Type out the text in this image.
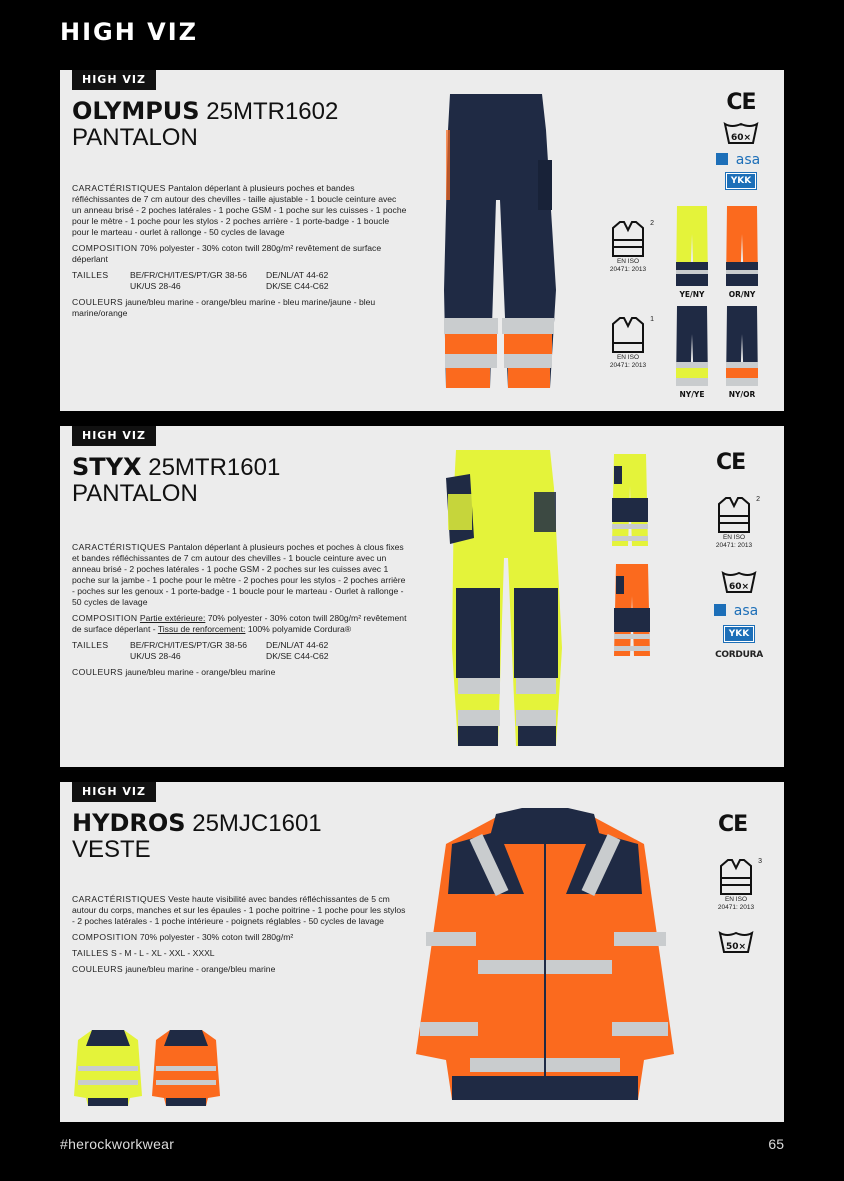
HIGH VIZ
HIGH VIZ
OLYMPUS 25MTR1602
PANTALON

CARACTÉRISTIQUES Pantalon déperlant à plusieurs poches et bandes réfléchissantes de 7 cm autour des chevilles - taille ajustable - 1 boucle ceinture avec un anneau brisé - 2 poches latérales - 1 poche GSM - 1 poche sur les cuisses - 1 poche pour le mètre - 1 poche pour les stylos - 2 poches arrière - 1 porte-badge - 1 boucle pour le marteau - ourlet à rallonge - 50 cycles de lavage

COMPOSITION 70% polyester - 30% coton twill 280g/m² revêtement de surface déperlant

TAILLES	BE/FR/CH/IT/ES/PT/GR 38-56	DE/NL/AT 44-62
UK/US 28-46	DK/SE C44-C62

COULEURS jaune/bleu marine - orange/bleu marine - bleu marine/jaune - bleu marine/orange

2
EN ISO 20471: 2013
1
EN ISO 20471: 2013
YE/NY	OR/NY
NY/YE	NY/OR
CE
60×
asa
YKK
HIGH VIZ
STYX 25MTR1601
PANTALON

CARACTÉRISTIQUES Pantalon déperlant à plusieurs poches et poches à clous fixes et bandes réfléchissantes de 7 cm autour des chevilles - 1 boucle ceinture avec un anneau brisé - 2 poches latérales - 1 poche GSM - 2 poches sur les cuisses avec 1 poche sur la jambe - 1 poche pour le mètre - 2 poches pour les stylos - 2 poches arrière - poches sur les genoux - 1 porte-badge - 1 boucle pour le marteau - Ourlet à rallonge - 50 cycles de lavage

COMPOSITION Partie extérieure: 70% polyester - 30% coton twill 280g/m² revêtement de surface déperlant - Tissu de renforcement: 100% polyamide Cordura®

TAILLES	BE/FR/CH/IT/ES/PT/GR 38-56	DE/NL/AT 44-62
UK/US 28-46	DK/SE C44-C62

COULEURS jaune/bleu marine - orange/bleu marine

CE
2
EN ISO 20471: 2013
60×
asa
YKK
CORDURA
HIGH VIZ
HYDROS 25MJC1601
VESTE

CARACTÉRISTIQUES Veste haute visibilité avec bandes réfléchissantes de 5 cm autour du corps, manches et sur les épaules - 1 poche poitrine - 1 poche pour les stylos - 2 poches latérales - 1 poche intérieure - poignets réglables - 50 cycles de lavage

COMPOSITION 70% polyester - 30% coton twill 280g/m²

TAILLES S - M - L - XL - XXL - XXXL

COULEURS jaune/bleu marine - orange/bleu marine

CE
3
EN ISO 20471: 2013
50×
#herockworkwear	65
